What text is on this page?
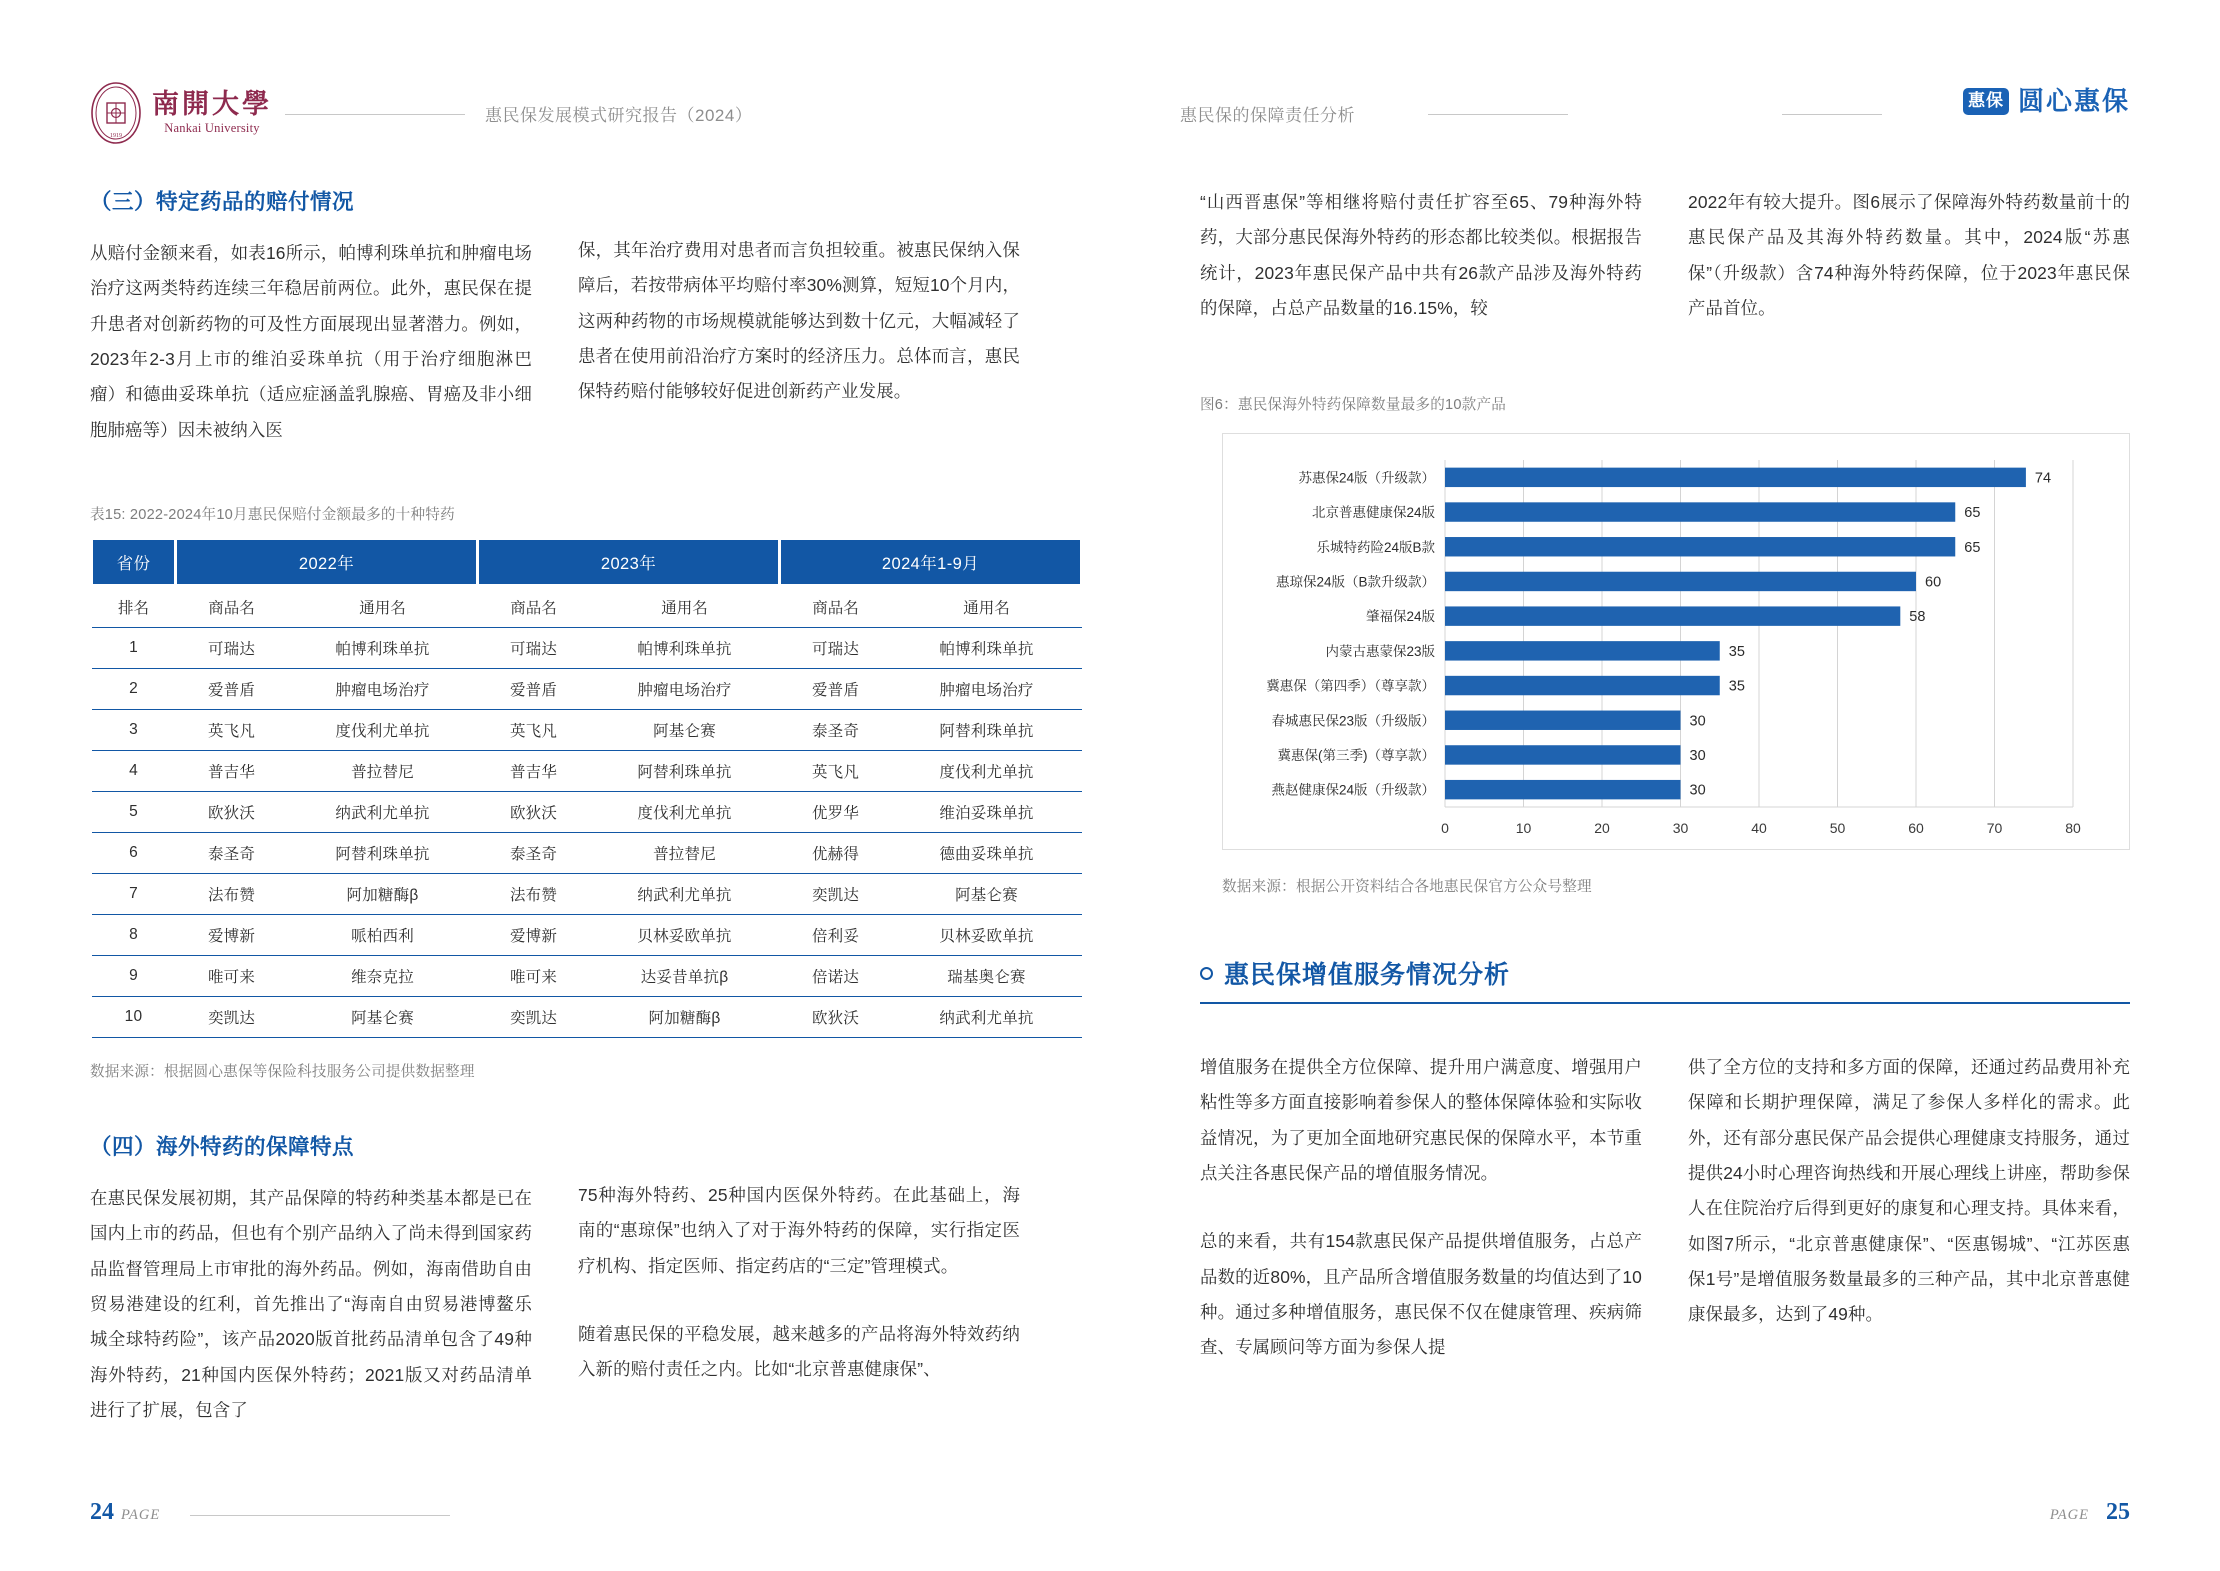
1919
南開大學
Nankai University
惠民保发展模式研究报告（2024）	惠民保的保障责任分析
惠保 圆心惠保
（三）特定药品的赔付情况

从赔付金额来看，如表16所示，帕博利珠单抗和肿瘤电场治疗这两类特药连续三年稳居前两位。此外，惠民保在提升患者对创新药物的可及性方面展现出显著潜力。例如，2023年2-3月上市的维泊妥珠单抗（用于治疗细胞淋巴瘤）和德曲妥珠单抗（适应症涵盖乳腺癌、胃癌及非小细胞肺癌等）因未被纳入医

保，其年治疗费用对患者而言负担较重。被惠民保纳入保障后，若按带病体平均赔付率30%测算，短短10个月内，这两种药物的市场规模就能够达到数十亿元，大幅减轻了患者在使用前沿治疗方案时的经济压力。总体而言，惠民保特药赔付能够较好促进创新药产业发展。

表15: 2022-2024年10月惠民保赔付金额最多的十种特药
省份	2022年		2023年		2024年1-9月	
排名	商品名	通用名	商品名	通用名	商品名	通用名
1	可瑞达	帕博利珠单抗	可瑞达	帕博利珠单抗	可瑞达	帕博利珠单抗
2	爱普盾	肿瘤电场治疗	爱普盾	肿瘤电场治疗	爱普盾	肿瘤电场治疗
3	英飞凡	度伐利尤单抗	英飞凡	阿基仑赛	泰圣奇	阿替利珠单抗
4	普吉华	普拉替尼	普吉华	阿替利珠单抗	英飞凡	度伐利尤单抗
5	欧狄沃	纳武利尤单抗	欧狄沃	度伐利尤单抗	优罗华	维泊妥珠单抗
6	泰圣奇	阿替利珠单抗	泰圣奇	普拉替尼	优赫得	德曲妥珠单抗
7	法布赞	阿加糖酶β	法布赞	纳武利尤单抗	奕凯达	阿基仑赛
8	爱博新	哌柏西利	爱博新	贝林妥欧单抗	倍利妥	贝林妥欧单抗
9	唯可来	维奈克拉	唯可来	达妥昔单抗β	倍诺达	瑞基奥仑赛
10	奕凯达	阿基仑赛	奕凯达	阿加糖酶β	欧狄沃	纳武利尤单抗
数据来源：根据圆心惠保等保险科技服务公司提供数据整理
（四）海外特药的保障特点

在惠民保发展初期，其产品保障的特药种类基本都是已在国内上市的药品，但也有个别产品纳入了尚未得到国家药品监督管理局上市审批的海外药品。例如，海南借助自由贸易港建设的红利，首先推出了“海南自由贸易港博鳌乐城全球特药险”，该产品2020版首批药品清单包含了49种海外特药，21种国内医保外特药；2021版又对药品清单进行了扩展，包含了

75种海外特药、25种国内医保外特药。在此基础上，海南的“惠琼保”也纳入了对于海外特药的保障，实行指定医疗机构、指定医师、指定药店的“三定”管理模式。

随着惠民保的平稳发展，越来越多的产品将海外特效药纳入新的赔付责任之内。比如“北京普惠健康保”、

“山西晋惠保”等相继将赔付责任扩容至65、79种海外特药，大部分惠民保海外特药的形态都比较类似。根据报告统计，2023年惠民保产品中共有26款产品涉及海外特药的保障，占总产品数量的16.15%，较

2022年有较大提升。图6展示了保障海外特药数量前十的惠民保产品及其海外特药数量。其中，2024版“苏惠保”（升级款）含74种海外特药保障，位于2023年惠民保产品首位。

图6：惠民保海外特药保障数量最多的10款产品
0	10	20	30	40	50	60	70	80
苏惠保24版（升级款）	74
北京普惠健康保24版	65
乐城特药险24版B款	65
惠琼保24版（B款升级款）	60
肇福保24版	58
内蒙古惠蒙保23版	35
冀惠保（第四季）（尊享款）	35
春城惠民保23版（升级版）	30
冀惠保(第三季)（尊享款）	30
燕赵健康保24版（升级款）	30
数据来源：根据公开资料结合各地惠民保官方公众号整理
惠民保增值服务情况分析

增值服务在提供全方位保障、提升用户满意度、增强用户粘性等多方面直接影响着参保人的整体保障体验和实际收益情况，为了更加全面地研究惠民保的保障水平，本节重点关注各惠民保产品的增值服务情况。

总的来看，共有154款惠民保产品提供增值服务，占总产品数的近80%，且产品所含增值服务数量的均值达到了10种。通过多种增值服务，惠民保不仅在健康管理、疾病筛查、专属顾问等方面为参保人提

供了全方位的支持和多方面的保障，还通过药品费用补充保障和长期护理保障，满足了参保人多样化的需求。此外，还有部分惠民保产品会提供心理健康支持服务，通过提供24小时心理咨询热线和开展心理线上讲座，帮助参保人在住院治疗后得到更好的康复和心理支持。具体来看，如图7所示，“北京普惠健康保”、“医惠锡城”、“江苏医惠保1号”是增值服务数量最多的三种产品，其中北京普惠健康保最多，达到了49种。

24 PAGE	PAGE 25
